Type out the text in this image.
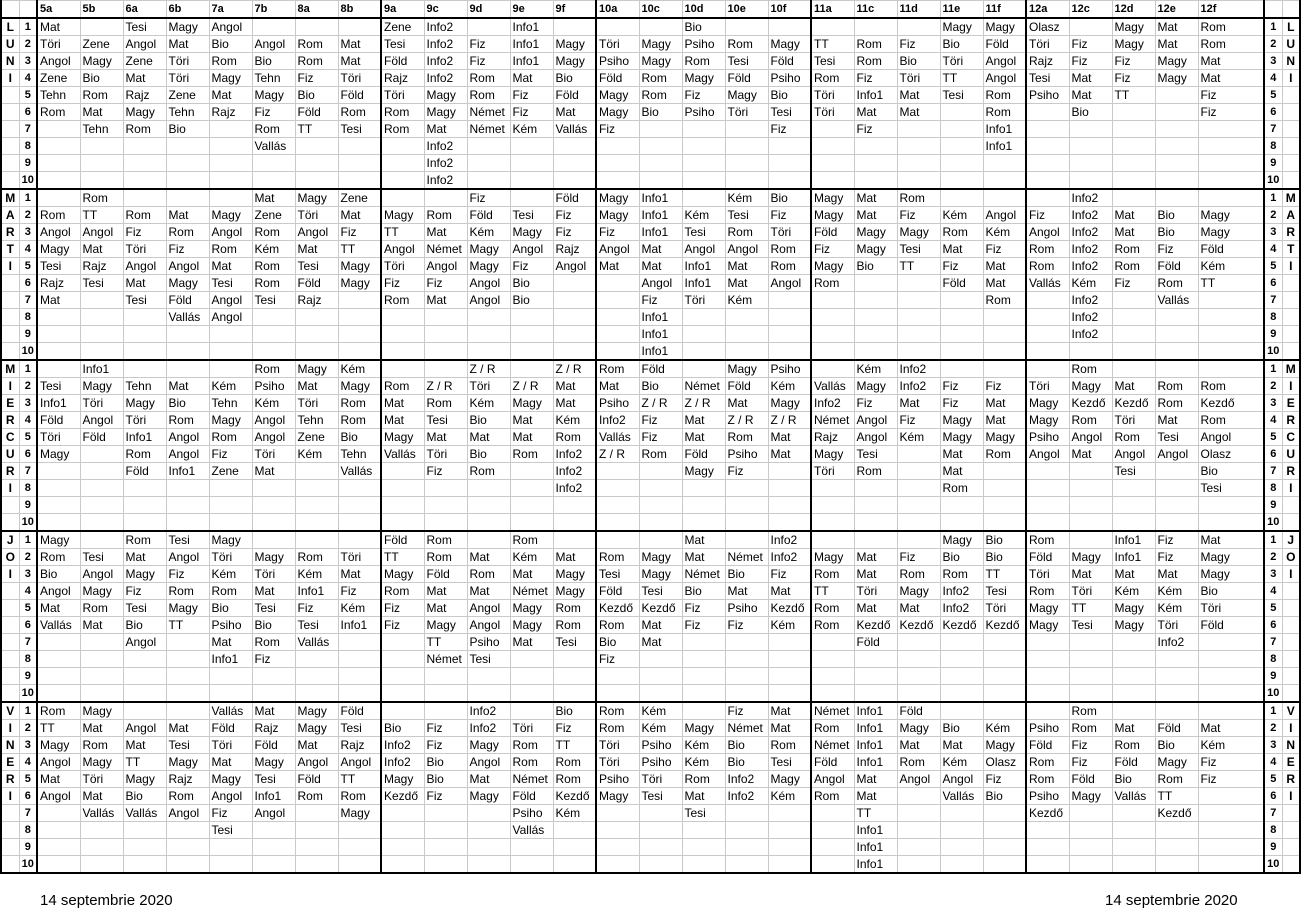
		5a	5b	6a	6b	7a	7b	8a	8b	9a	9c	9d	9e	9f	10a	10c	10d	10e	10f	11a	11c	11d	11e	11f	12a	12c	12d	12e	12f		
L	1	Mat		Tesi	Magy	Angol				Zene	Info2		Info1				Bio						Magy	Magy	Olasz		Magy	Mat	Rom	1	L
U	2	Töri	Zene	Angol	Mat	Bio	Angol	Rom	Mat	Tesi	Info2	Fiz	Info1	Magy	Töri	Magy	Psiho	Rom	Magy	TT	Rom	Fiz	Bio	Föld	Töri	Fiz	Magy	Mat	Rom	2	U
N	3	Angol	Magy	Zene	Töri	Rom	Bio	Rom	Mat	Föld	Info2	Fiz	Info1	Magy	Psiho	Magy	Rom	Tesi	Föld	Tesi	Rom	Bio	Töri	Angol	Rajz	Fiz	Fiz	Magy	Mat	3	N
I	4	Zene	Bio	Mat	Töri	Magy	Tehn	Fiz	Töri	Rajz	Info2	Rom	Mat	Bio	Föld	Rom	Magy	Föld	Psiho	Rom	Fiz	Töri	TT	Angol	Tesi	Mat	Fiz	Magy	Mat	4	I
	5	Tehn	Rom	Rajz	Zene	Mat	Magy	Bio	Föld	Töri	Magy	Rom	Fiz	Föld	Magy	Rom	Fiz	Magy	Bio	Töri	Info1	Mat	Tesi	Rom	Psiho	Mat	TT		Fiz	5	
	6	Rom	Mat	Magy	Tehn	Rajz	Fiz	Föld	Rom	Rom	Magy	Német	Fiz	Mat	Magy	Bio	Psiho	Töri	Tesi	Töri	Mat	Mat		Rom		Bio			Fiz	6	
	7		Tehn	Rom	Bio		Rom	TT	Tesi	Rom	Mat	Német	Kém	Vallás	Fiz				Fiz		Fiz			Info1						7	
	8						Vallás				Info2													Info1						8	
	9										Info2																			9	
	10										Info2																			10	
M	1		Rom				Mat	Magy	Zene			Fiz		Föld	Magy	Info1		Kém	Bio	Magy	Mat	Rom				Info2				1	M
A	2	Rom	TT	Rom	Mat	Magy	Zene	Töri	Mat	Magy	Rom	Föld	Tesi	Fiz	Magy	Info1	Kém	Tesi	Fiz	Magy	Mat	Fiz	Kém	Angol	Fiz	Info2	Mat	Bio	Magy	2	A
R	3	Angol	Angol	Fiz	Rom	Angol	Rom	Angol	Fiz	TT	Mat	Kém	Magy	Fiz	Fiz	Info1	Tesi	Rom	Töri	Föld	Magy	Magy	Rom	Kém	Angol	Info2	Mat	Bio	Magy	3	R
T	4	Magy	Mat	Töri	Fiz	Rom	Kém	Mat	TT	Angol	Német	Magy	Angol	Rajz	Angol	Mat	Angol	Angol	Rom	Fiz	Magy	Tesi	Mat	Fiz	Rom	Info2	Rom	Fiz	Föld	4	T
I	5	Tesi	Rajz	Angol	Angol	Mat	Rom	Tesi	Magy	Töri	Angol	Magy	Fiz	Angol	Mat	Mat	Info1	Mat	Rom	Magy	Bio	TT	Fiz	Mat	Rom	Info2	Rom	Föld	Kém	5	I
	6	Rajz	Tesi	Mat	Magy	Tesi	Rom	Föld	Magy	Fiz	Fiz	Angol	Bio			Angol	Info1	Mat	Angol	Rom			Föld	Mat	Vallás	Kém	Fiz	Rom	TT	6	
	7	Mat		Tesi	Föld	Angol	Tesi	Rajz		Rom	Mat	Angol	Bio			Fiz	Töri	Kém						Rom		Info2		Vallás		7	
	8				Vallás	Angol										Info1										Info2				8	
	9															Info1										Info2				9	
	10															Info1														10	
M	1		Info1				Rom	Magy	Kém			Z / R		Z / R	Rom	Föld		Magy	Psiho		Kém	Info2				Rom				1	M
I	2	Tesi	Magy	Tehn	Mat	Kém	Psiho	Mat	Magy	Rom	Z / R	Töri	Z / R	Mat	Mat	Bio	Német	Föld	Kém	Vallás	Magy	Info2	Fiz	Fiz	Töri	Magy	Mat	Rom	Rom	2	I
E	3	Info1	Töri	Magy	Bio	Tehn	Kém	Töri	Rom	Mat	Rom	Kém	Magy	Mat	Psiho	Z / R	Z / R	Mat	Magy	Info2	Fiz	Mat	Fiz	Mat	Magy	Kezdő	Kezdő	Rom	Kezdő	3	E
R	4	Föld	Angol	Töri	Rom	Magy	Angol	Tehn	Rom	Mat	Tesi	Bio	Mat	Kém	Info2	Fiz	Mat	Z / R	Z / R	Német	Angol	Fiz	Magy	Mat	Magy	Rom	Töri	Mat	Rom	4	R
C	5	Töri	Föld	Info1	Angol	Rom	Angol	Zene	Bio	Magy	Mat	Mat	Mat	Rom	Vallás	Fiz	Mat	Rom	Mat	Rajz	Angol	Kém	Magy	Magy	Psiho	Angol	Rom	Tesi	Angol	5	C
U	6	Magy		Rom	Angol	Fiz	Töri	Kém	Tehn	Vallás	Töri	Bio	Rom	Info2	Z / R	Rom	Föld	Psiho	Mat	Magy	Tesi		Mat	Rom	Angol	Mat	Angol	Angol	Olasz	6	U
R	7			Föld	Info1	Zene	Mat		Vallás		Fiz	Rom		Info2			Magy	Fiz		Töri	Rom		Mat				Tesi		Bio	7	R
I	8													Info2									Rom						Tesi	8	I
	9																													9	
	10																													10	
J	1	Magy		Rom	Tesi	Magy				Föld	Rom		Rom				Mat		Info2				Magy	Bio	Rom		Info1	Fiz	Mat	1	J
O	2	Rom	Tesi	Mat	Angol	Töri	Magy	Rom	Töri	TT	Rom	Mat	Kém	Mat	Rom	Magy	Mat	Német	Info2	Magy	Mat	Fiz	Bio	Bio	Föld	Magy	Info1	Fiz	Magy	2	O
I	3	Bio	Angol	Magy	Fiz	Kém	Töri	Kém	Mat	Magy	Föld	Rom	Mat	Magy	Tesi	Magy	Német	Bio	Fiz	Rom	Mat	Rom	Rom	TT	Töri	Mat	Mat	Mat	Magy	3	I
	4	Angol	Magy	Fiz	Rom	Rom	Mat	Info1	Fiz	Rom	Mat	Mat	Német	Magy	Föld	Tesi	Bio	Mat	Mat	TT	Töri	Magy	Info2	Tesi	Rom	Töri	Kém	Kém	Bio	4	
	5	Mat	Rom	Tesi	Magy	Bio	Tesi	Fiz	Kém	Fiz	Mat	Angol	Magy	Rom	Kezdő	Kezdő	Fiz	Psiho	Kezdő	Rom	Mat	Mat	Info2	Töri	Magy	TT	Magy	Kém	Töri	5	
	6	Vallás	Mat	Bio	TT	Psiho	Bio	Tesi	Info1	Fiz	Magy	Angol	Magy	Rom	Rom	Mat	Fiz	Fiz	Kém	Rom	Kezdő	Kezdő	Kezdő	Kezdő	Magy	Tesi	Magy	Töri	Föld	6	
	7			Angol		Mat	Rom	Vallás			TT	Psiho	Mat	Tesi	Bio	Mat					Föld							Info2		7	
	8					Info1	Fiz				Német	Tesi			Fiz															8	
	9																													9	
	10																													10	
V	1	Rom	Magy			Vallás	Mat	Magy	Föld			Info2		Bio	Rom	Kém		Fiz	Mat	Német	Info1	Föld				Rom				1	V
I	2	TT	Mat	Angol	Mat	Föld	Rajz	Magy	Tesi	Bio	Fiz	Info2	Töri	Fiz	Rom	Kém	Magy	Német	Mat	Rom	Info1	Magy	Bio	Kém	Psiho	Rom	Mat	Föld	Mat	2	I
N	3	Magy	Rom	Mat	Tesi	Töri	Föld	Mat	Rajz	Info2	Fiz	Magy	Rom	TT	Töri	Psiho	Kém	Bio	Rom	Német	Info1	Mat	Mat	Magy	Föld	Fiz	Rom	Bio	Kém	3	N
E	4	Angol	Magy	TT	Magy	Mat	Magy	Angol	Angol	Info2	Bio	Angol	Rom	Rom	Töri	Psiho	Kém	Bio	Tesi	Föld	Info1	Rom	Kém	Olasz	Rom	Fiz	Föld	Magy	Fiz	4	E
R	5	Mat	Töri	Magy	Rajz	Magy	Tesi	Föld	TT	Magy	Bio	Mat	Német	Rom	Psiho	Töri	Rom	Info2	Magy	Angol	Mat	Angol	Angol	Fiz	Rom	Föld	Bio	Rom	Fiz	5	R
I	6	Angol	Mat	Bio	Rom	Angol	Info1	Rom	Rom	Kezdő	Fiz	Magy	Föld	Kezdő	Magy	Tesi	Mat	Info2	Kém	Rom	Mat		Vallás	Bio	Psiho	Magy	Vallás	TT		6	I
	7		Vallás	Vallás	Angol	Fiz	Angol		Magy				Psiho	Kém			Tesi				TT				Kezdő			Kezdő		7	
	8					Tesi							Vallás								Info1									8	
	9																				Info1									9	
	10																				Info1									10	
14 septembrie 2020	14 septembrie 2020
